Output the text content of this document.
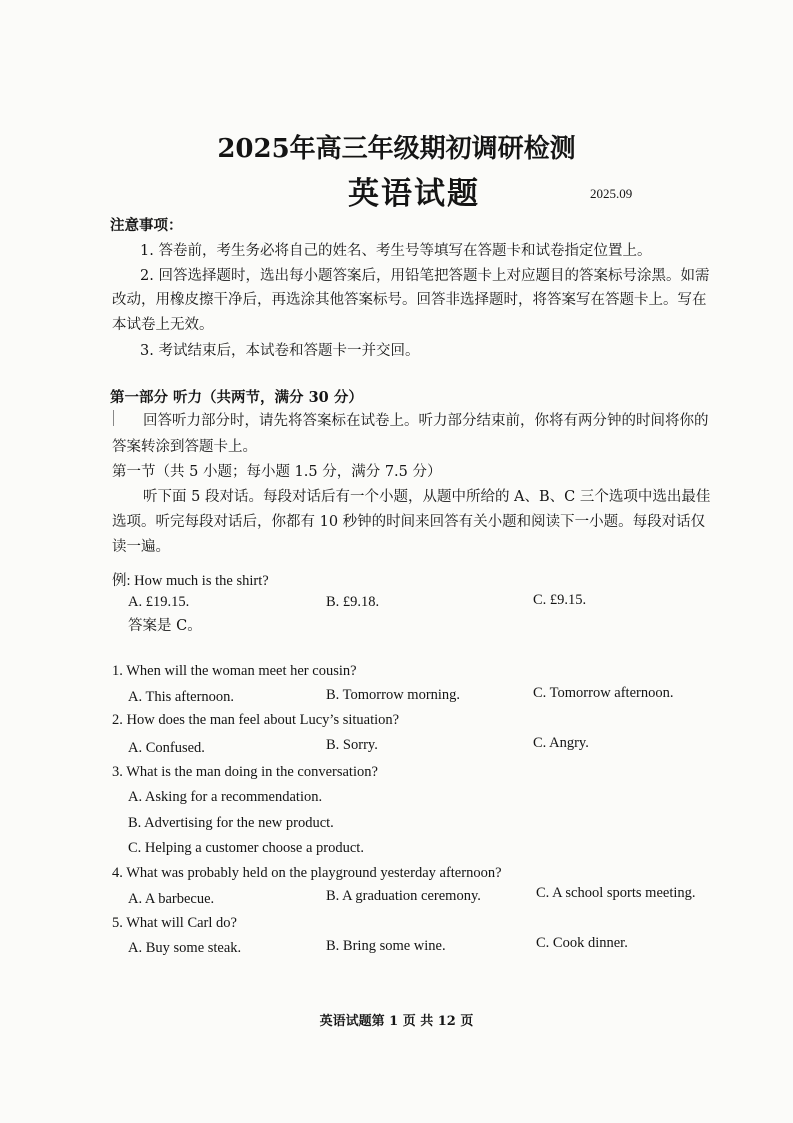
2025年高三年级期初调研检测
英语试题	2025.09
注意事项：
1. 答卷前，考生务必将自己的姓名、考生号等填写在答题卡和试卷指定位置上。
2. 回答选择题时，选出每小题答案后，用铅笔把答题卡上对应题目的答案标号涂黑。如需
改动，用橡皮擦干净后，再选涂其他答案标号。回答非选择题时，将答案写在答题卡上。写在
本试卷上无效。
3. 考试结束后，本试卷和答题卡一并交回。
第一部分 听力（共两节，满分 30 分）
回答听力部分时，请先将答案标在试卷上。听力部分结束前，你将有两分钟的时间将你的
答案转涂到答题卡上。
第一节（共 5 小题；每小题 1.5 分，满分 7.5 分）
听下面 5 段对话。每段对话后有一个小题，从题中所给的 A、B、C 三个选项中选出最佳
选项。听完每段对话后，你都有 10 秒钟的时间来回答有关小题和阅读下一小题。每段对话仅
读一遍。
例: How much is the shirt?
A. £19.15.	B. £9.18.	C. £9.15.
答案是 C。
1. When will the woman meet her cousin?
A. This afternoon.	B. Tomorrow morning.	C. Tomorrow afternoon.
2. How does the man feel about Lucy’s situation?
A. Confused.	B. Sorry.	C. Angry.
3. What is the man doing in the conversation?
A. Asking for a recommendation.
B. Advertising for the new product.
C. Helping a customer choose a product.
4. What was probably held on the playground yesterday afternoon?
A. A barbecue.	B. A graduation ceremony.	C. A school sports meeting.
5. What will Carl do?
A. Buy some steak.	B. Bring some wine.	C. Cook dinner.
英语试题第 1 页 共 12 页
